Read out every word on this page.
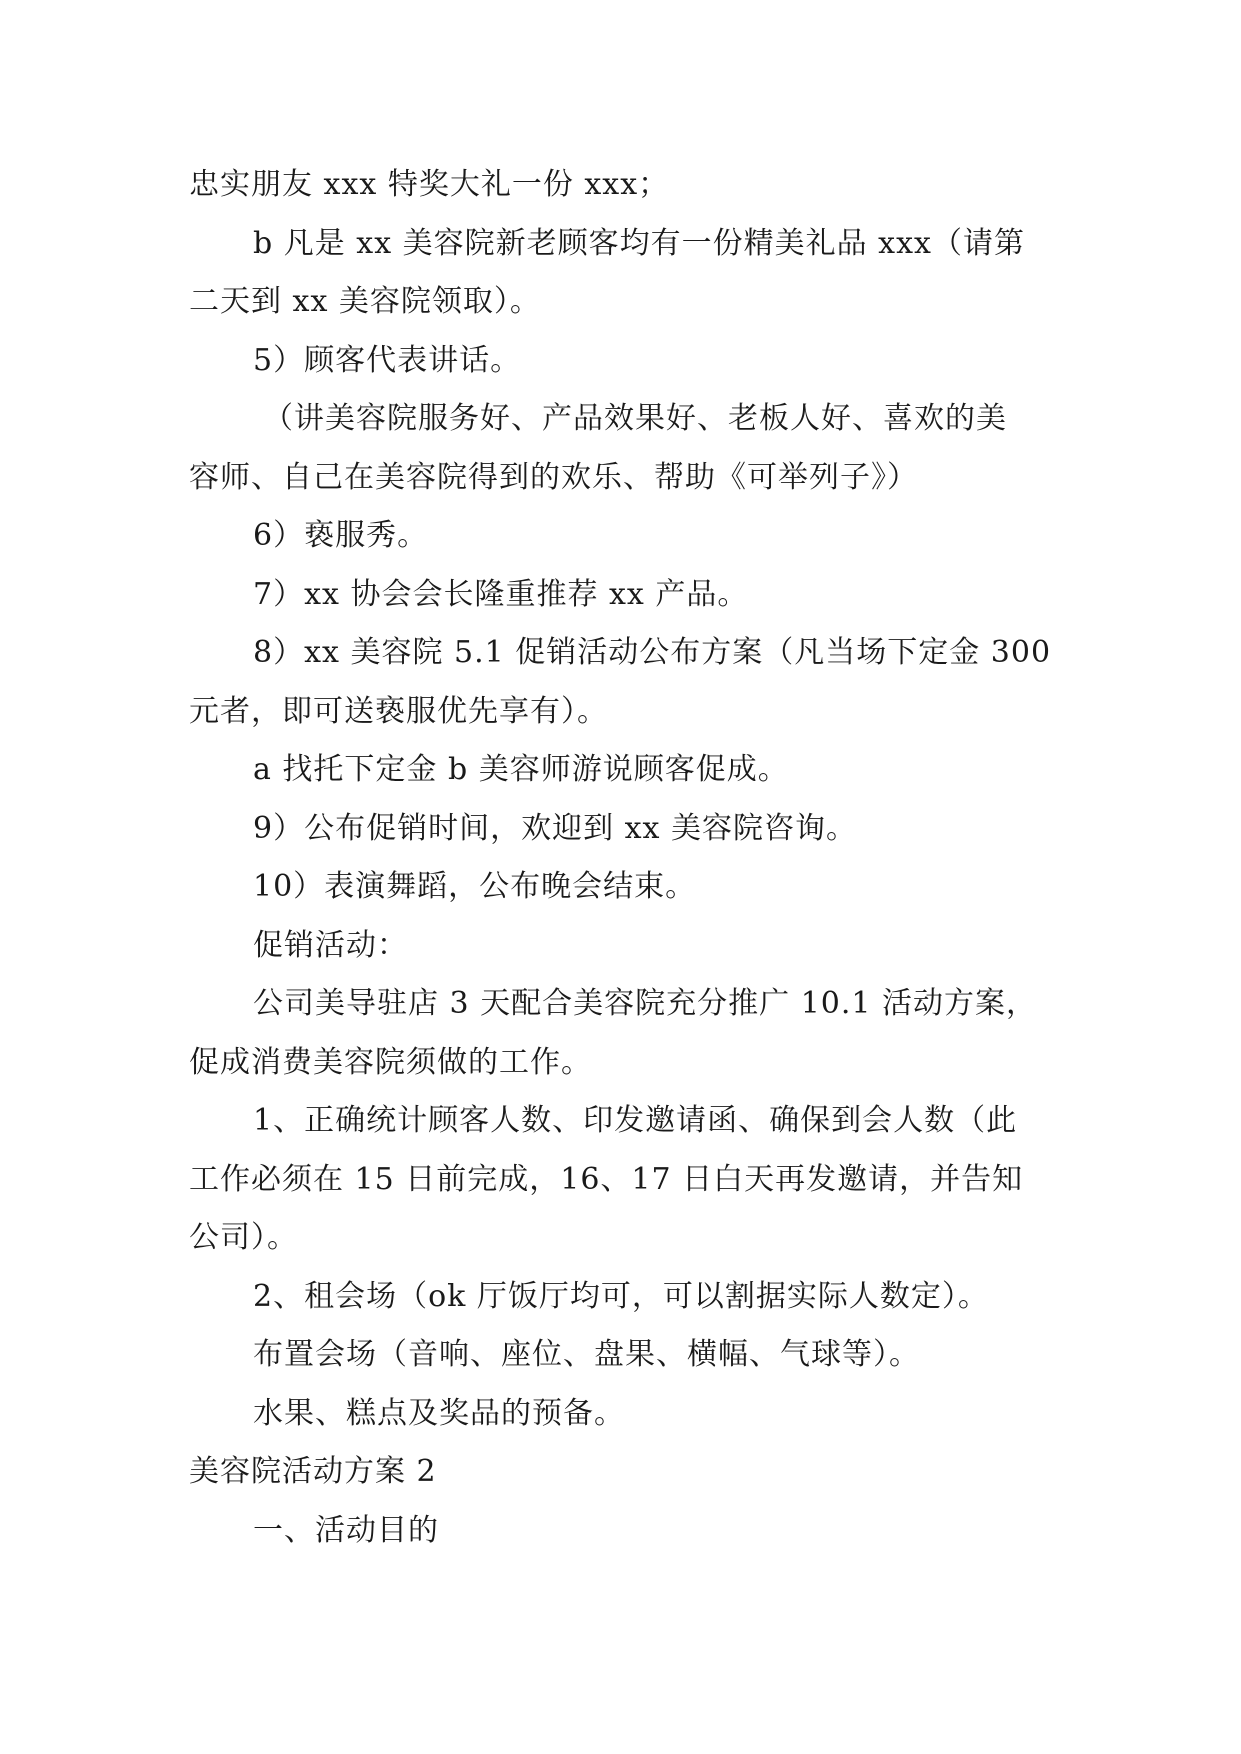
忠实朋友 xxx 特奖大礼一份 xxx；
b 凡是 xx 美容院新老顾客均有一份精美礼品 xxx（请第
二天到 xx 美容院领取）。
5）顾客代表讲话。
（讲美容院服务好、产品效果好、老板人好、喜欢的美
容师、自己在美容院得到的欢乐、帮助《可举列子》）
6）亵服秀。
7）xx 协会会长隆重推荐 xx 产品。
8）xx 美容院 5.1 促销活动公布方案（凡当场下定金 300
元者，即可送亵服优先享有）。
a 找托下定金 b 美容师游说顾客促成。
9）公布促销时间，欢迎到 xx 美容院咨询。
10）表演舞蹈，公布晚会结束。
促销活动：
公司美导驻店 3 天配合美容院充分推广 10.1 活动方案，
促成消费美容院须做的工作。
1、正确统计顾客人数、印发邀请函、确保到会人数（此
工作必须在 15 日前完成，16、17 日白天再发邀请，并告知
公司）。
2、租会场（ok 厅饭厅均可，可以割据实际人数定）。
布置会场（音响、座位、盘果、横幅、气球等）。
水果、糕点及奖品的预备。
美容院活动方案 2
一、活动目的
